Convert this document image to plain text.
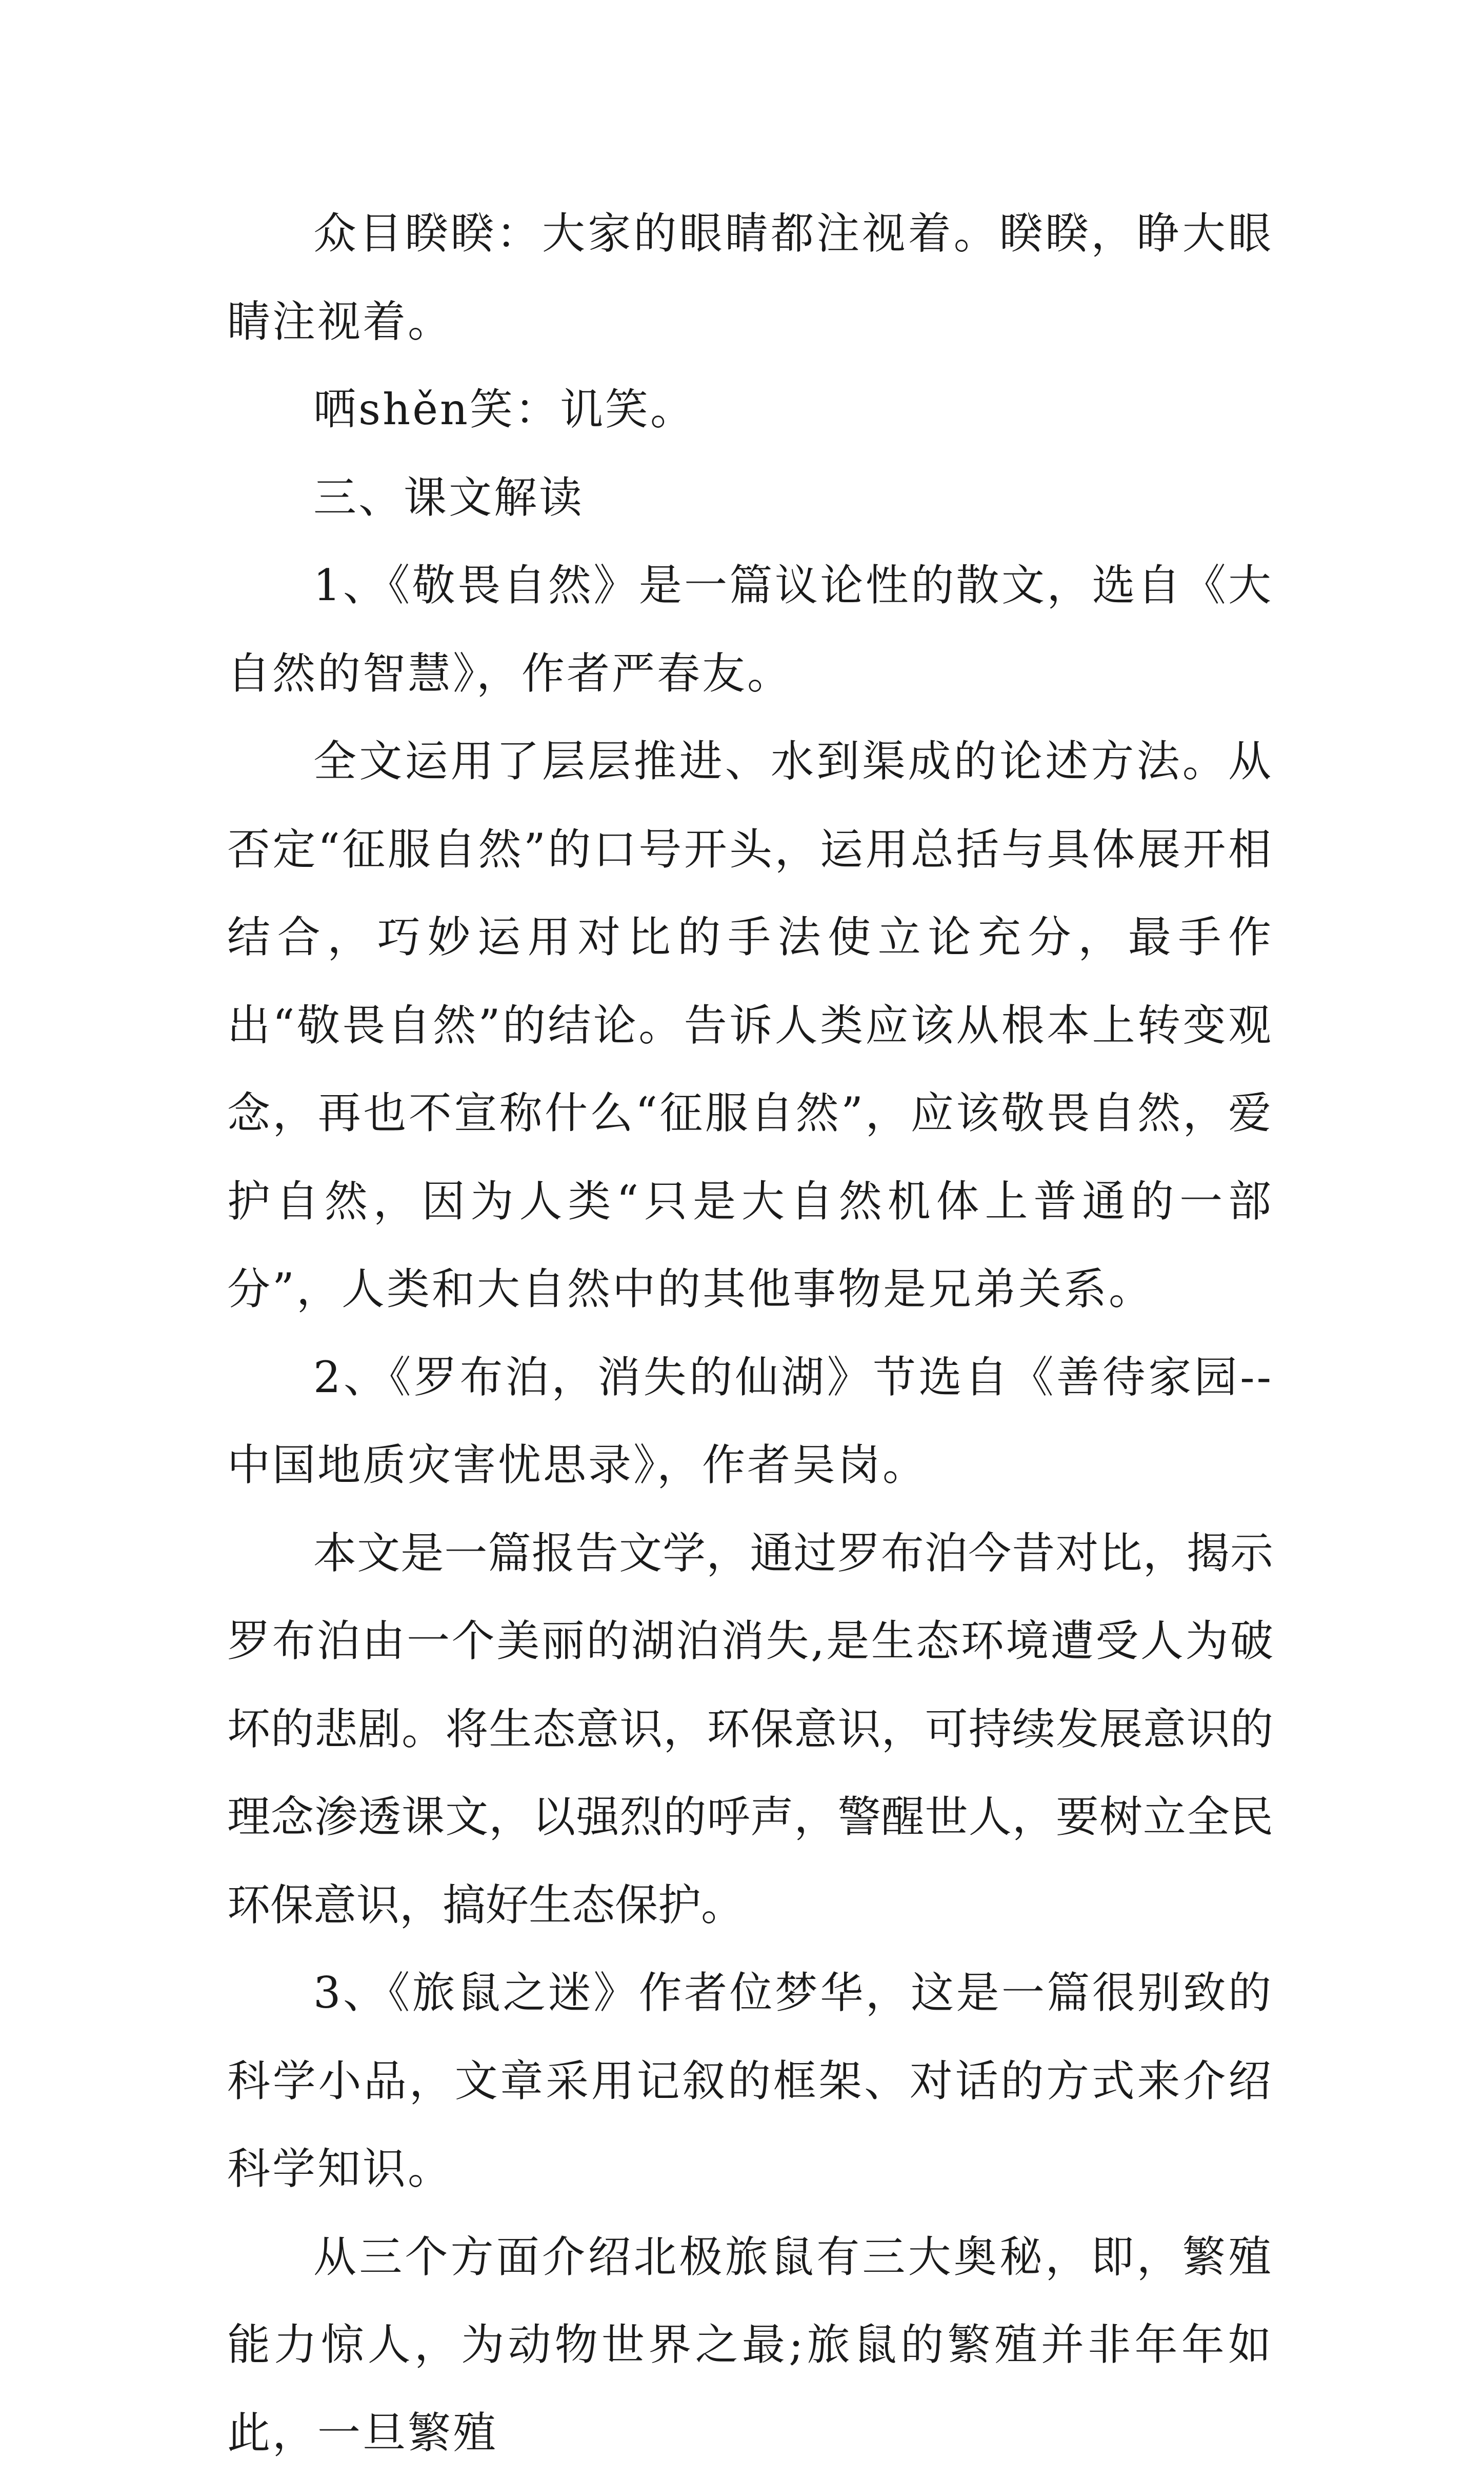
众目睽睽：大家的眼睛都注视着。睽睽，睁大眼睛注视着。

哂shěn笑：讥笑。

三、课文解读

1、《敬畏自然》是一篇议论性的散文，选自《大自然的智慧》，作者严春友。

全文运用了层层推进、水到渠成的论述方法。从否定“征服自然”的口号开头，运用总括与具体展开相结合，巧妙运用对比的手法使立论充分，最手作出“敬畏自然”的结论。告诉人类应该从根本上转变观念，再也不宣称什么“征服自然”，应该敬畏自然，爱护自然，因为人类“只是大自然机体上普通的一部分”，人类和大自然中的其他事物是兄弟关系。

2、《罗布泊，消失的仙湖》节选自《善待家园--中国地质灾害忧思录》，作者吴岗。

本文是一篇报告文学，通过罗布泊今昔对比，揭示罗布泊由一个美丽的湖泊消失,是生态环境遭受人为破坏的悲剧。将生态意识，环保意识，可持续发展意识的理念渗透课文，以强烈的呼声，警醒世人，要树立全民环保意识，搞好生态保护。

3、《旅鼠之迷》作者位梦华，这是一篇很别致的科学小品，文章采用记叙的框架、对话的方式来介绍科学知识。

从三个方面介绍北极旅鼠有三大奥秘，即，繁殖能力惊人，为动物世界之最;旅鼠的繁殖并非年年如此，一旦繁殖
